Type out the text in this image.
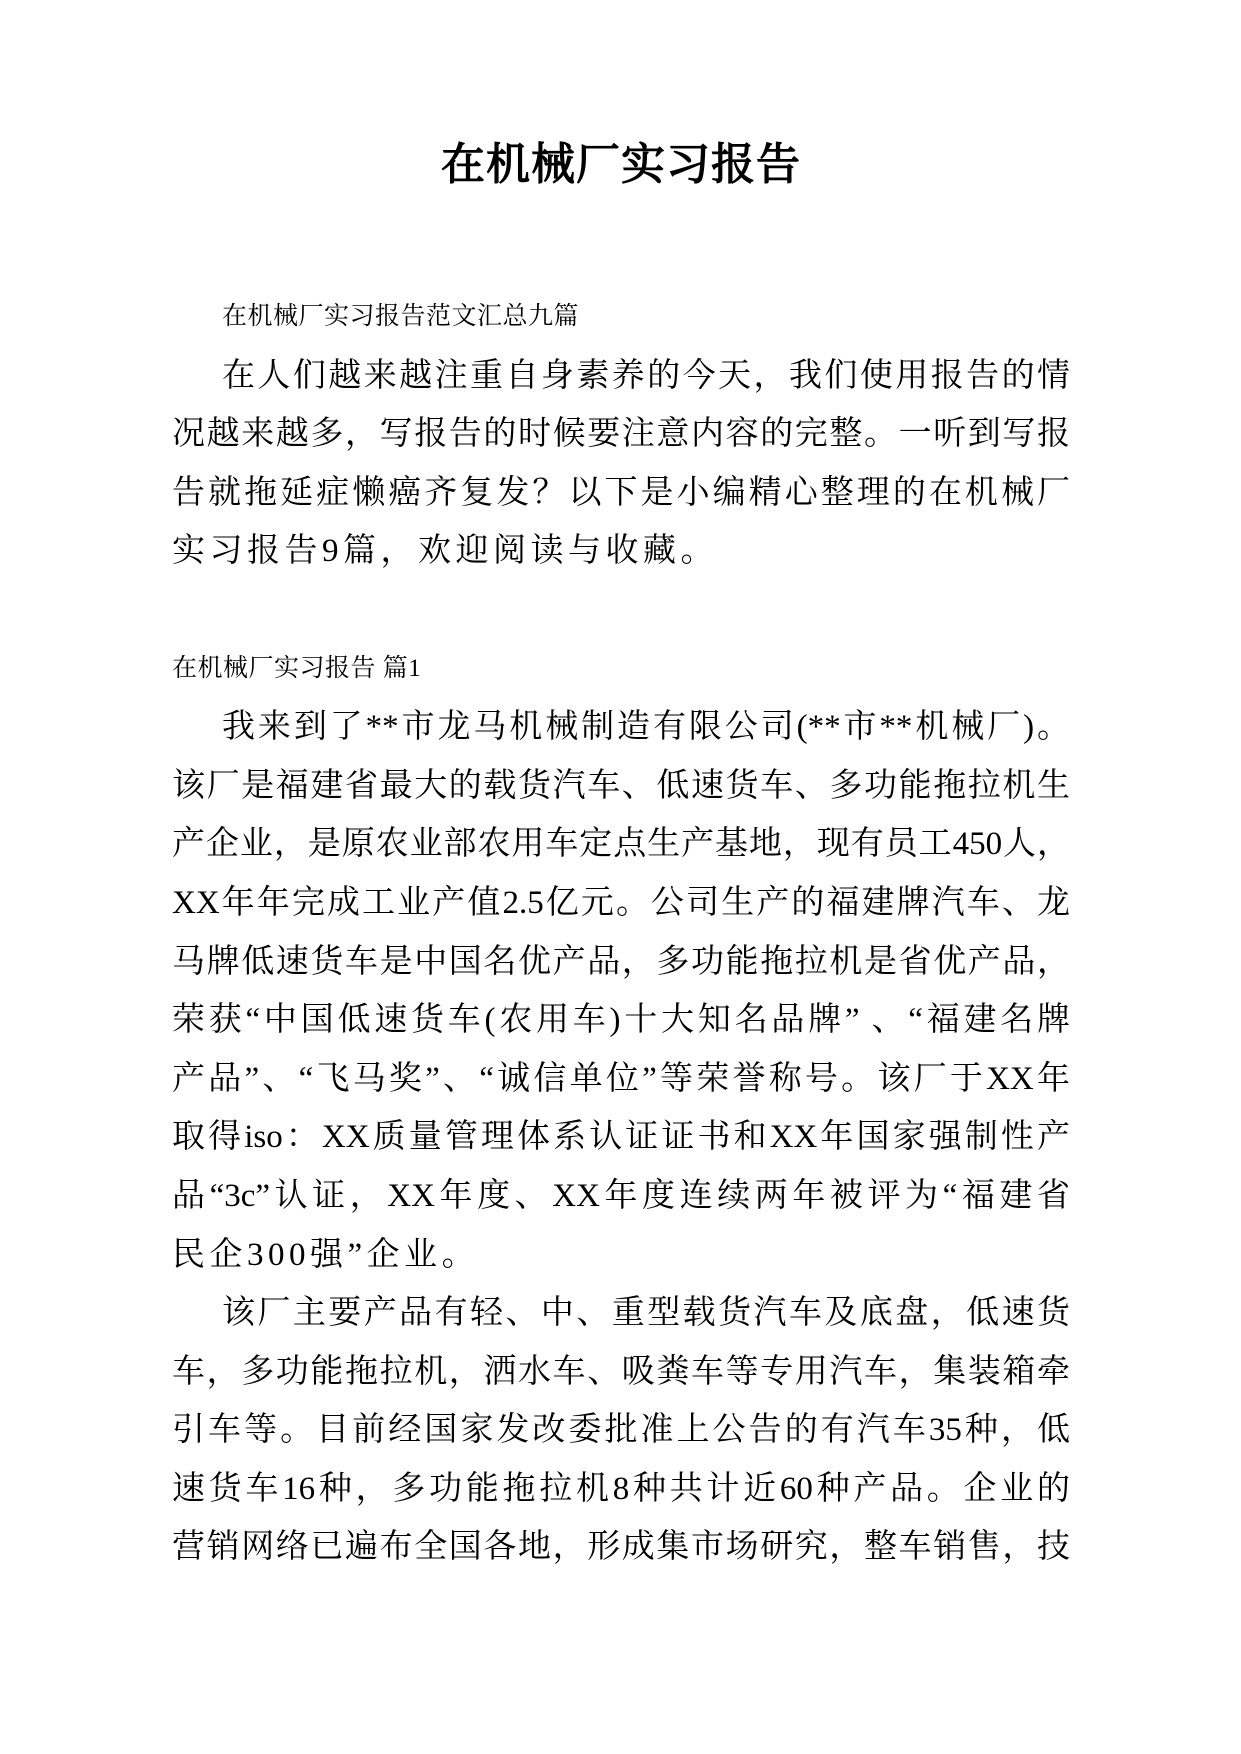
在机械厂实习报告
在机械厂实习报告范文汇总九篇
在人们越来越注重自身素养的今天，我们使用报告的情
况越来越多，写报告的时候要注意内容的完整。一听到写报
告就拖延症懒癌齐复发？以下是小编精心整理的在机械厂
实习报告9篇，欢迎阅读与收藏。
在机械厂实习报告 篇1
我来到了**市龙马机械制造有限公司(**市**机械厂)。
该厂是福建省最大的载货汽车、低速货车、多功能拖拉机生
产企业，是原农业部农用车定点生产基地，现有员工450人，
XX年年完成工业产值2.5亿元。公司生产的福建牌汽车、龙
马牌低速货车是中国名优产品，多功能拖拉机是省优产品，
荣获“中国低速货车(农用车)十大知名品牌” 、“福建名牌
产品”、“飞马奖”、“诚信单位”等荣誉称号。该厂于XX年
取得iso：XX质量管理体系认证证书和XX年国家强制性产
品“3c”认证，XX年度、XX年度连续两年被评为“福建省
民企300强”企业。
该厂主要产品有轻、中、重型载货汽车及底盘，低速货
车，多功能拖拉机，洒水车、吸粪车等专用汽车，集装箱牵
引车等。目前经国家发改委批准上公告的有汽车35种，低
速货车16种，多功能拖拉机8种共计近60种产品。企业的
营销网络已遍布全国各地，形成集市场研究，整车销售，技
